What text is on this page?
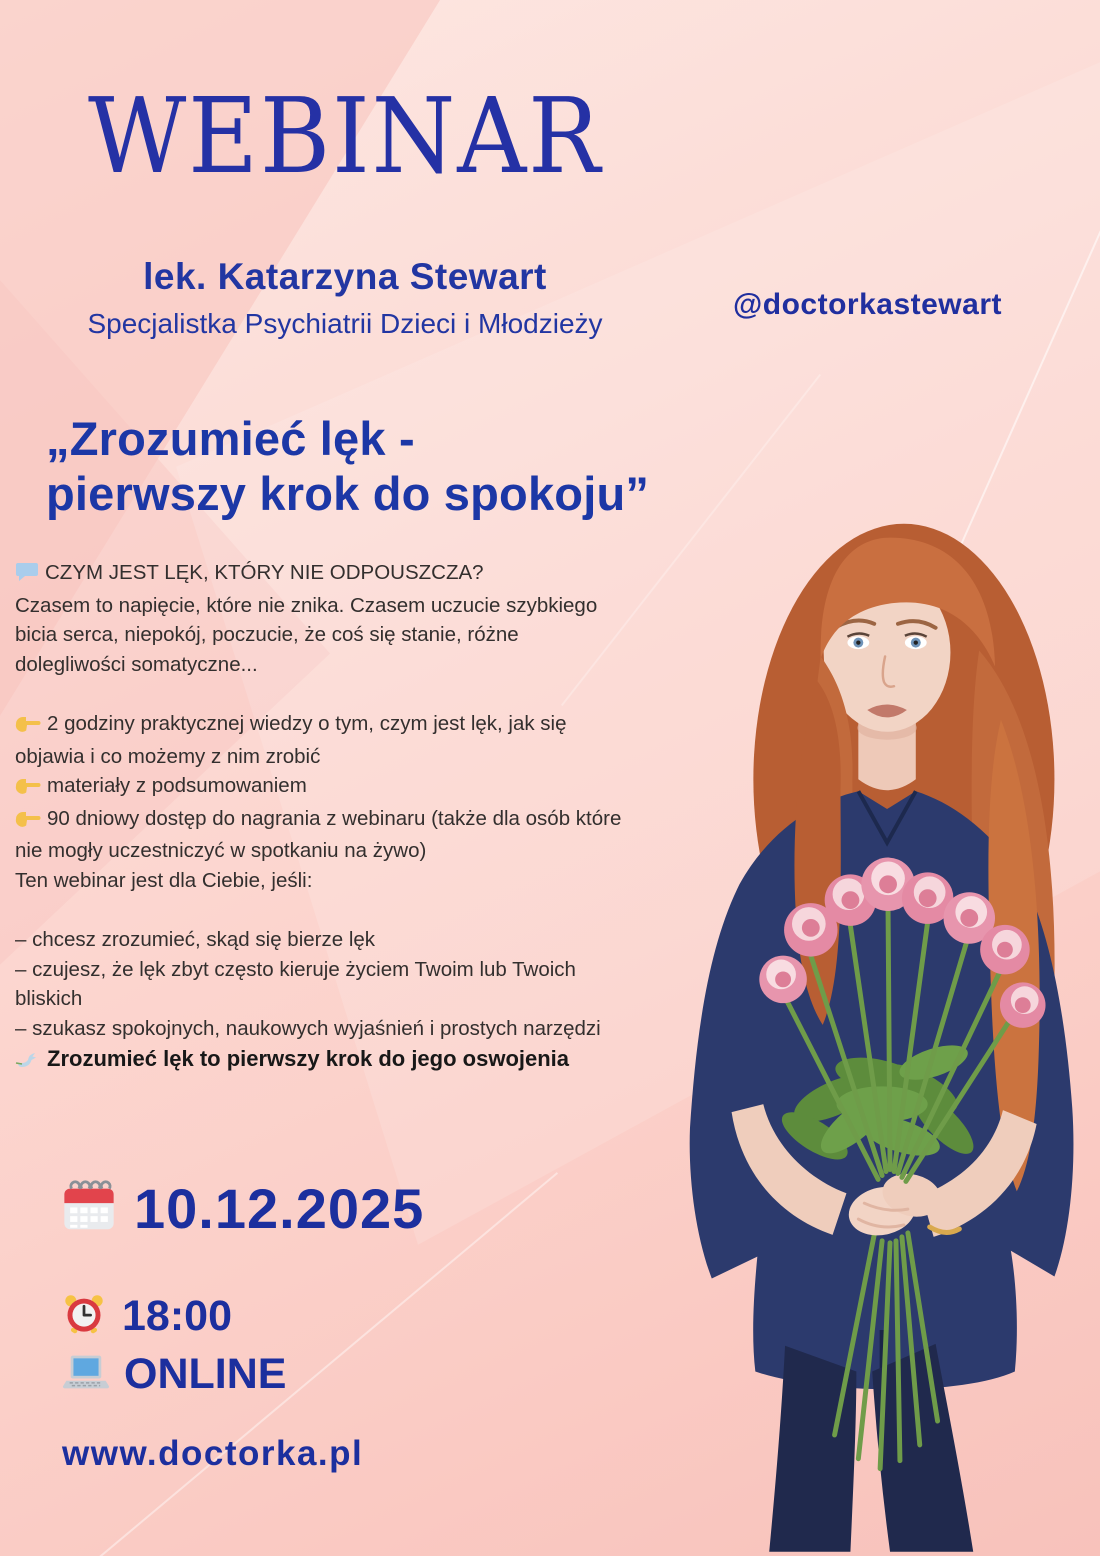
WEBINAR
lek. Katarzyna Stewart
Specjalistka Psychiatrii Dzieci i Młodzieży
@doctorkastewart
„Zrozumieć lęk -
pierwszy krok do spokoju”

CZYM JEST LĘK, KTÓRY NIE ODPOUSZCZA?

Czasem to napięcie, które nie znika. Czasem uczucie szybkiego bicia serca, niepokój, poczucie, że coś się stanie, różne dolegliwości somatyczne...

2 godziny praktycznej wiedzy o tym, czym jest lęk, jak się objawia i co możemy z nim zrobić

materiały z podsumowaniem

90 dniowy dostęp do nagrania z webinaru (także dla osób które nie mogły uczestniczyć w spotkaniu na żywo)

Ten webinar jest dla Ciebie, jeśli:

– chcesz zrozumieć, skąd się bierze lęk

– czujesz, że lęk zbyt często kieruje życiem Twoim lub Twoich bliskich

– szukasz spokojnych, naukowych wyjaśnień i prostych narzędzi

Zrozumieć lęk to pierwszy krok do jego oswojenia

10.12.2025
18:00
ONLINE
www.doctorka.pl
